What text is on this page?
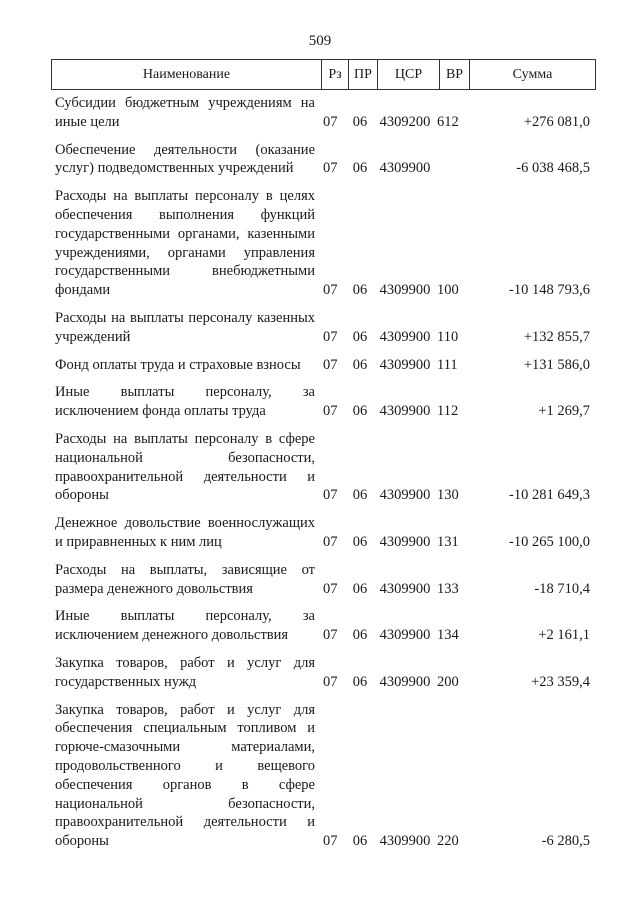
509
Наименование	Рз ПР	ЦСР	ВР	Сумма
Субсидии бюджетным учреждениям на иные цели	07	06 4309200 612	+276 081,0
Обеспечение деятельности (оказание услуг) подведомственных учреждений	07	06 4309900	-6 038 468,5
Расходы на выплаты персоналу в целях обеспечения выполнения функций государственными органами, казенными учреждениями, органами управления государственными внебюджетными фондами	07	06 4309900 100	-10 148 793,6
Расходы на выплаты персоналу казенных учреждений	07	06 4309900 110	+132 855,7
Фонд оплаты труда и страховые взносы	07	06 4309900 111	+131 586,0
Иные выплаты персоналу, за исключением фонда оплаты труда	07	06 4309900 112	+1 269,7
Расходы на выплаты персоналу в сфере национальной безопасности, правоохранительной деятельности и обороны	07	06 4309900 130	-10 281 649,3
Денежное довольствие военнослужащих и приравненных к ним лиц	07	06 4309900 131	-10 265 100,0
Расходы на выплаты, зависящие от размера денежного довольствия	07	06 4309900 133	-18 710,4
Иные выплаты персоналу, за исключением денежного довольствия	07	06 4309900 134	+2 161,1
Закупка товаров, работ и услуг для государственных нужд	07	06 4309900 200	+23 359,4
Закупка товаров, работ и услуг для обеспечения специальным топливом и горюче-смазочными материалами, продовольственного и вещевого обеспечения органов в сфере национальной безопасности, правоохранительной деятельности и обороны	07	06 4309900 220	-6 280,5
